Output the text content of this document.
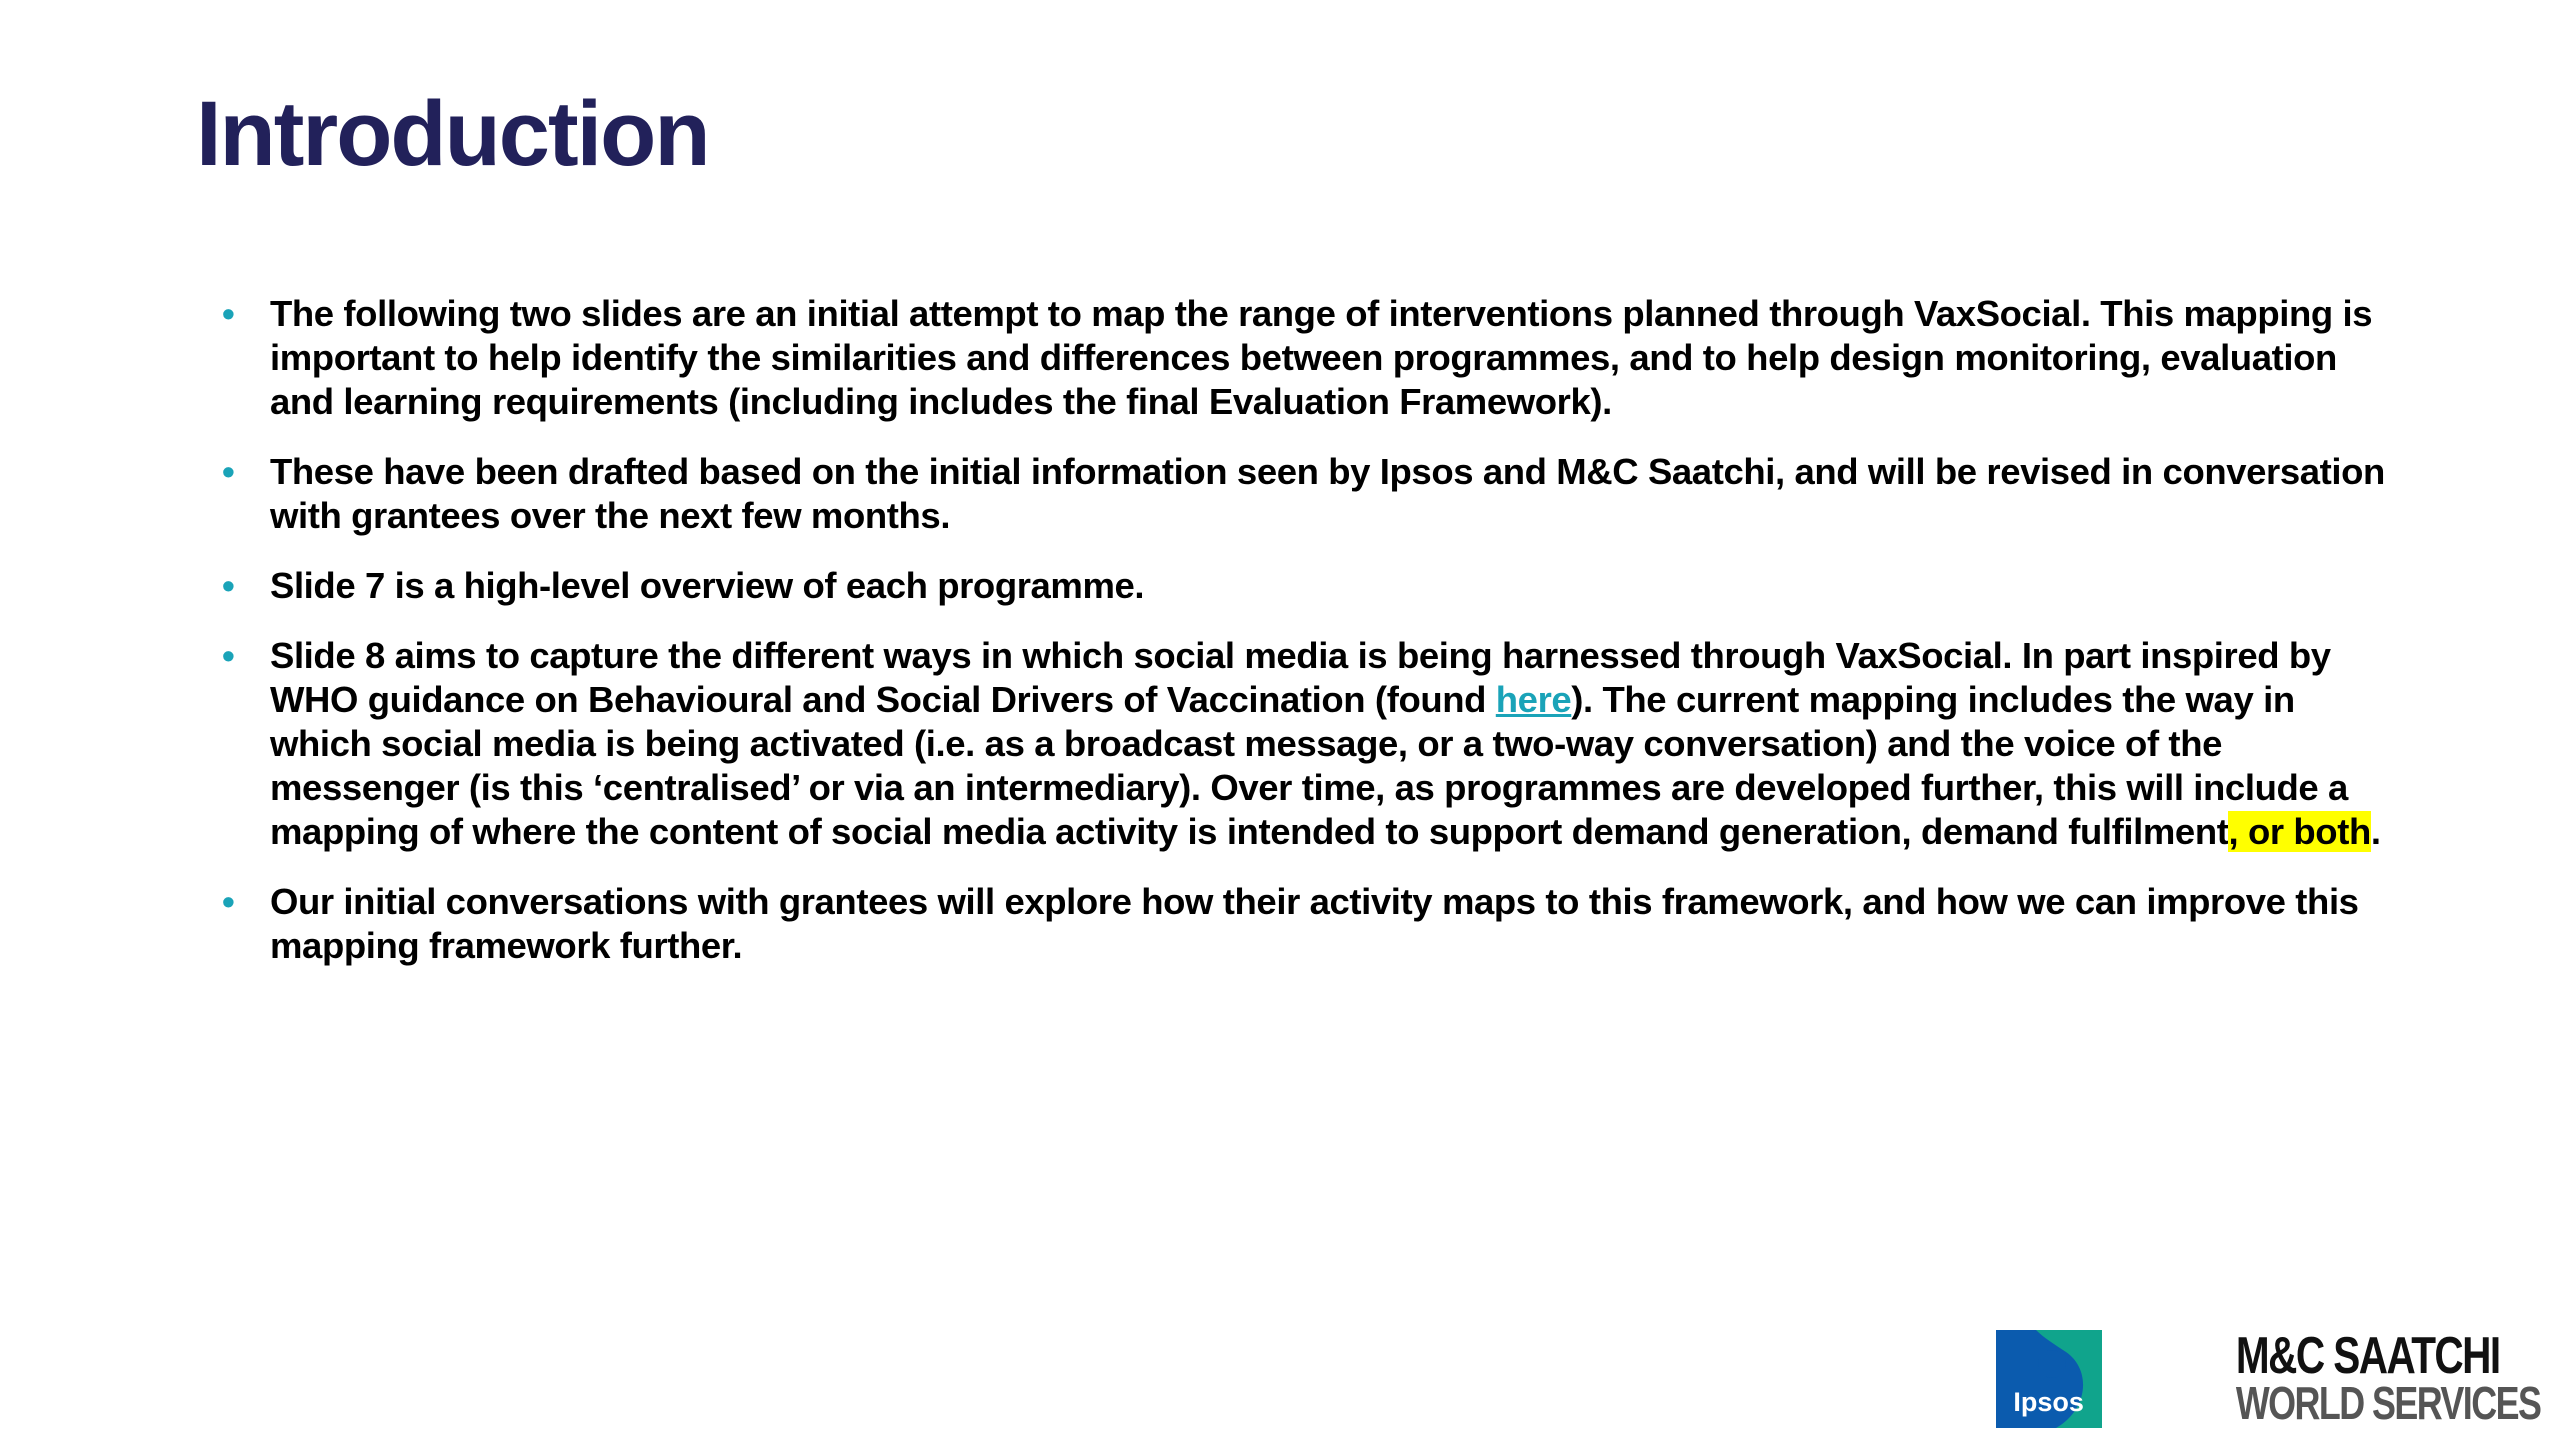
Introduction
• The following two slides are an initial attempt to map the range of interventions planned through VaxSocial. This mapping is important to help identify the similarities and differences between programmes, and to help design monitoring, evaluation and learning requirements (including includes the final Evaluation Framework).
• These have been drafted based on the initial information seen by Ipsos and M&C Saatchi, and will be revised in conversation with grantees over the next few months.
• Slide 7 is a high-level overview of each programme.
• Slide 8 aims to capture the different ways in which social media is being harnessed through VaxSocial. In part inspired by WHO guidance on Behavioural and Social Drivers of Vaccination (found here). The current mapping includes the way in which social media is being activated (i.e. as a broadcast message, or a two-way conversation) and the voice of the messenger (is this ‘centralised’ or via an intermediary). Over time, as programmes are developed further, this will include a mapping of where the content of social media activity is intended to support demand generation, demand fulfilment, or both.
• Our initial conversations with grantees will explore how their activity maps to this framework, and how we can improve this mapping framework further.
Ipsos
M&C SAATCHI
WORLD SERVICES
